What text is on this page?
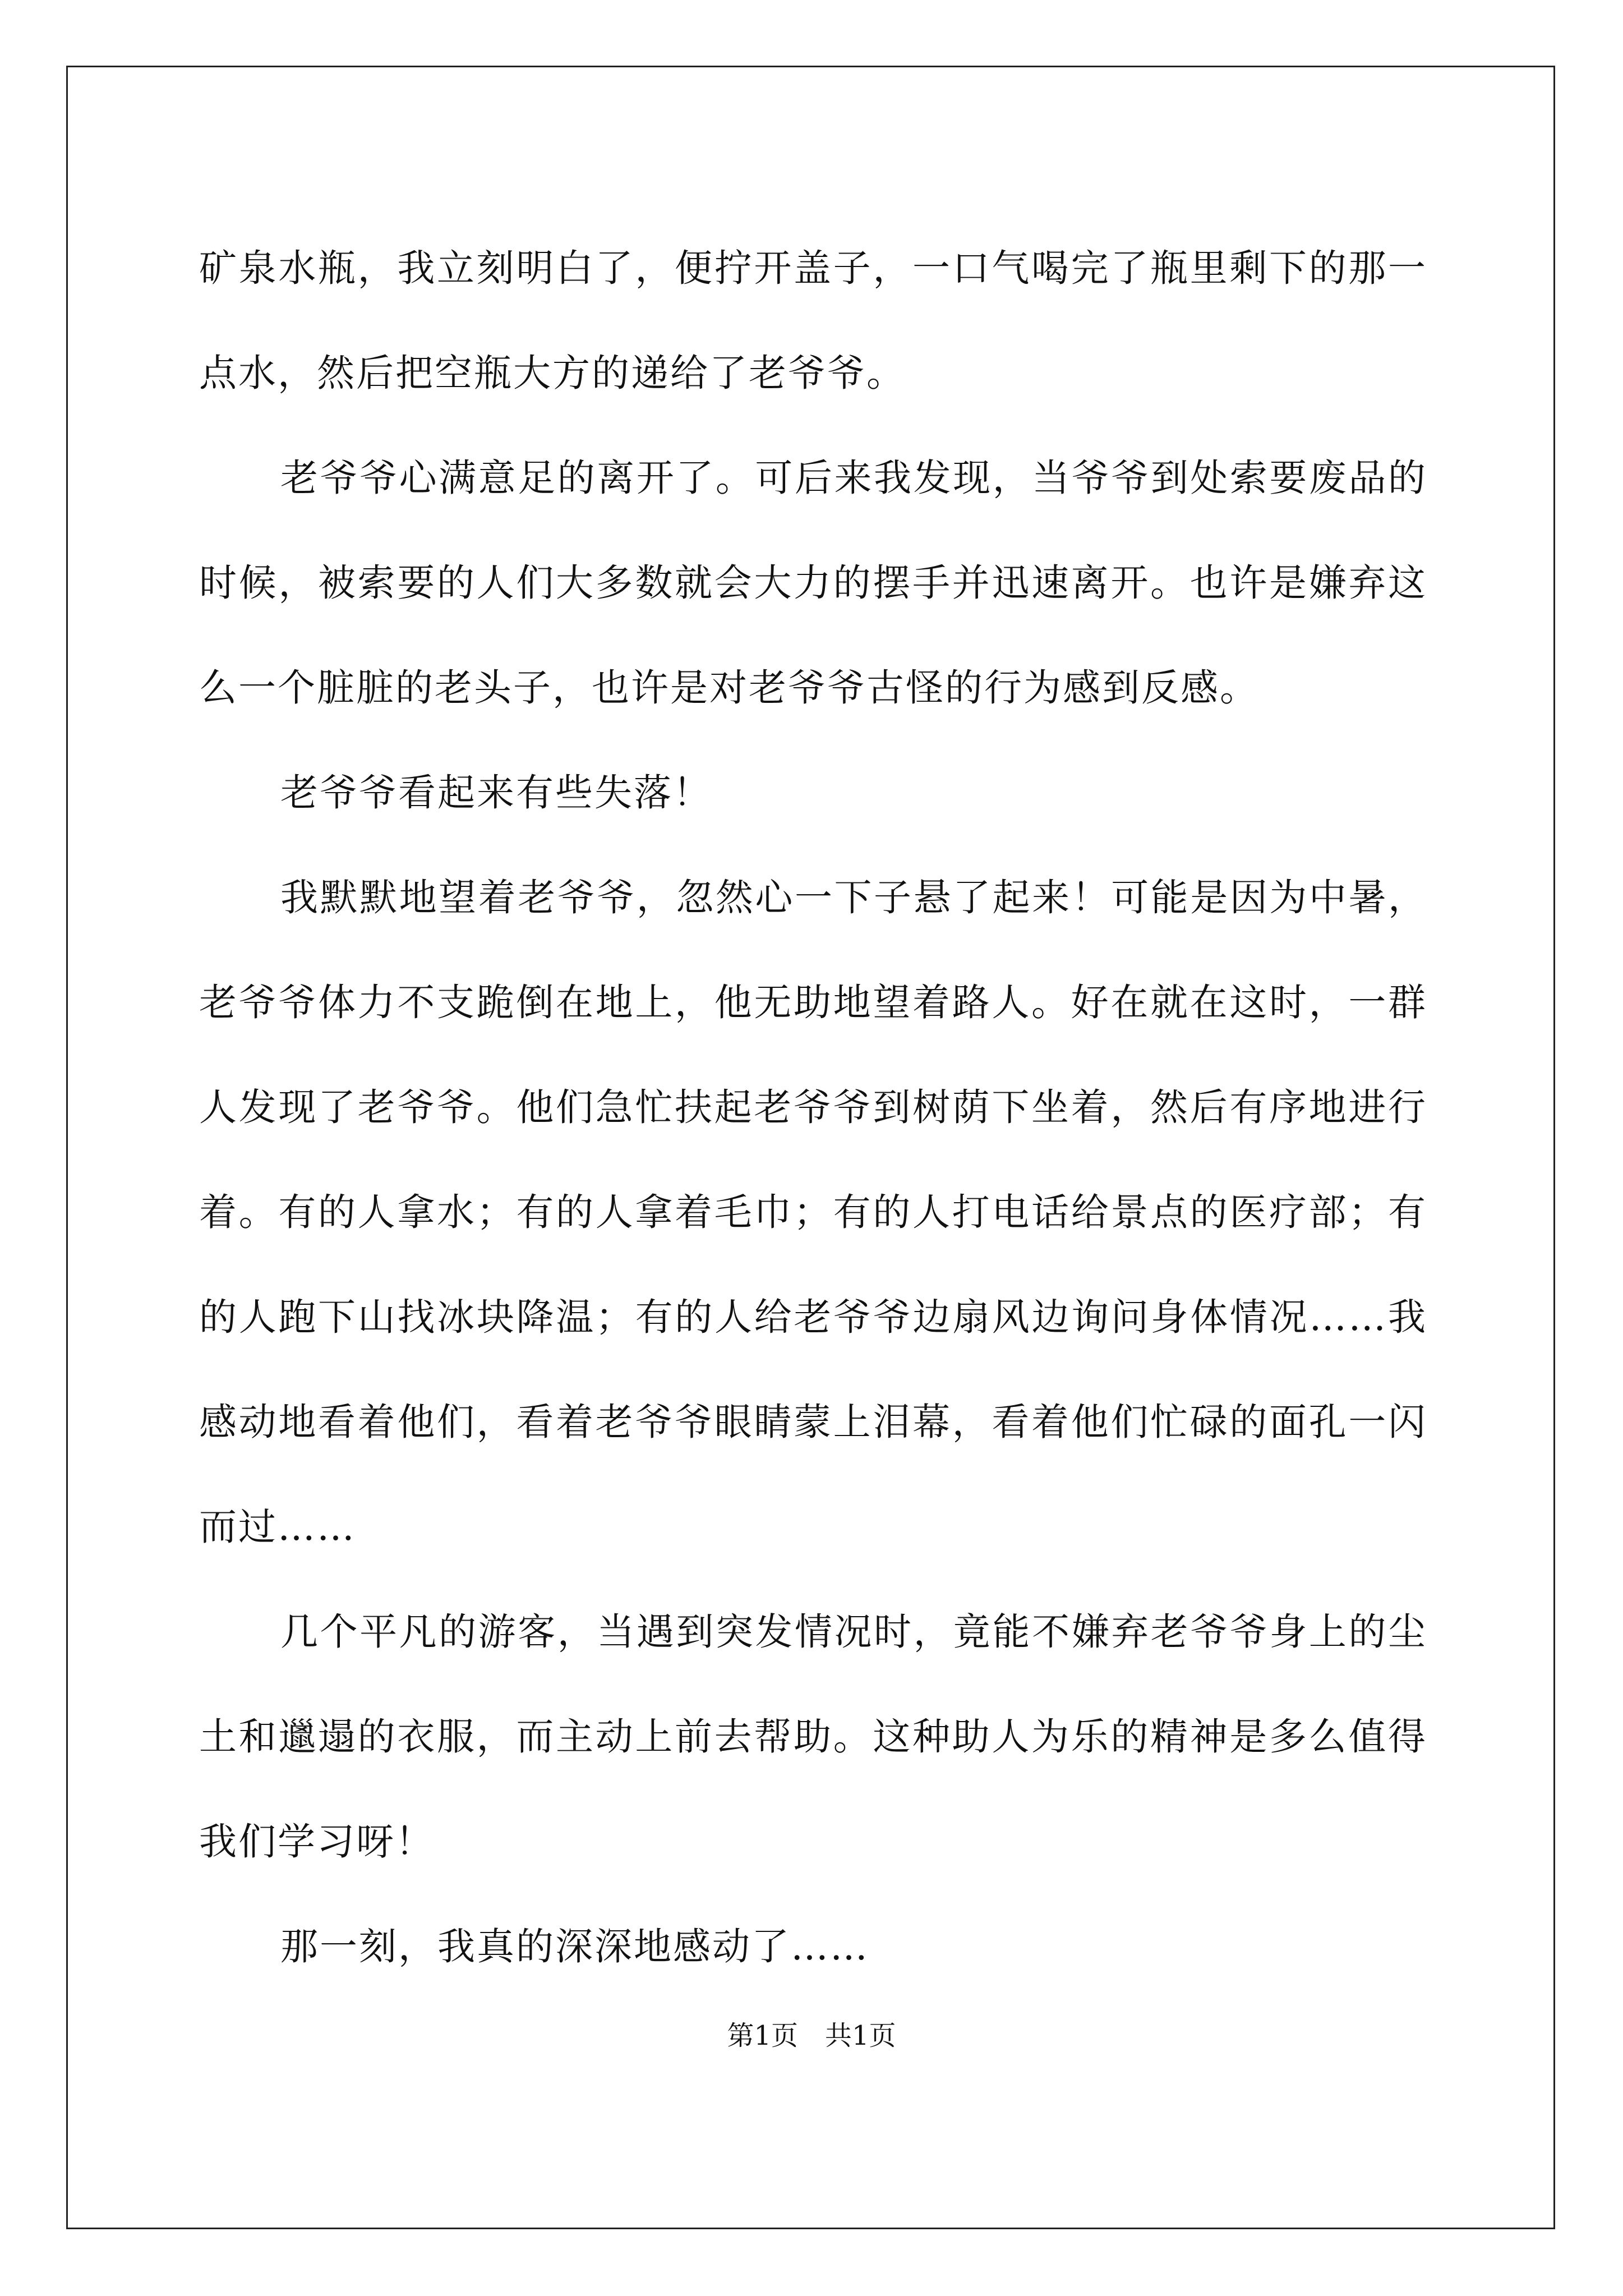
矿泉水瓶，我立刻明白了，便拧开盖子，一口气喝完了瓶里剩下的那一点水，然后把空瓶大方的递给了老爷爷。

老爷爷心满意足的离开了。可后来我发现，当爷爷到处索要废品的时候，被索要的人们大多数就会大力的摆手并迅速离开。也许是嫌弃这么一个脏脏的老头子，也许是对老爷爷古怪的行为感到反感。

老爷爷看起来有些失落！

我默默地望着老爷爷，忽然心一下子悬了起来！可能是因为中暑，老爷爷体力不支跪倒在地上，他无助地望着路人。好在就在这时，一群人发现了老爷爷。他们急忙扶起老爷爷到树荫下坐着，然后有序地进行着。有的人拿水；有的人拿着毛巾；有的人打电话给景点的医疗部；有的人跑下山找冰块降温；有的人给老爷爷边扇风边询问身体情况……我感动地看着他们，看着老爷爷眼睛蒙上泪幕，看着他们忙碌的面孔一闪而过……

几个平凡的游客，当遇到突发情况时，竟能不嫌弃老爷爷身上的尘土和邋遢的衣服，而主动上前去帮助。这种助人为乐的精神是多么值得我们学习呀！

那一刻，我真的深深地感动了……

第1页　共1页
